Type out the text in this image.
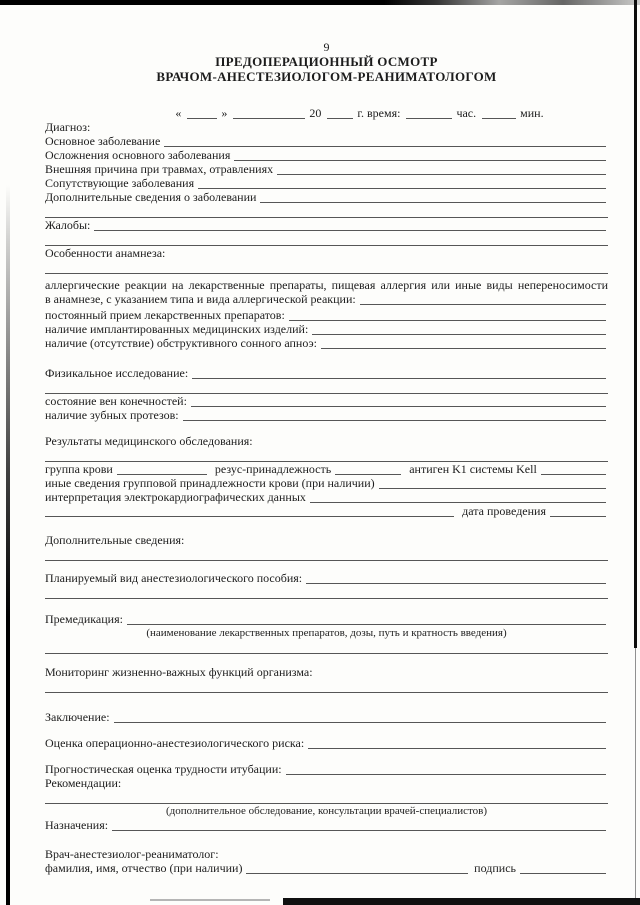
9
ПРЕДОПЕРАЦИОННЫЙ ОСМОТР
ВРАЧОМ-АНЕСТЕЗИОЛОГОМ-РЕАНИМАТОЛОГОМ
«	»	20	г. время:	час.	мин.
Диагноз:
Основное заболевание
Осложнения основного заболевания
Внешняя причина при травмах, отравлениях
Сопутствующие заболевания
Дополнительные сведения о заболевании
Жалобы:
Особенности анамнеза:
аллергические реакции на лекарственные препараты, пищевая аллергия или иные виды непереносимости
в анамнезе, с указанием типа и вида аллергической реакции:
постоянный прием лекарственных препаратов:
наличие имплантированных медицинских изделий:
наличие (отсутствие) обструктивного сонного апноэ:
Физикальное исследование:
состояние вен конечностей:
наличие зубных протезов:
Результаты медицинского обследования:
группа крови	резус-принадлежность	антиген K1 системы Kell
иные сведения групповой принадлежности крови (при наличии)
интерпретация электрокардиографических данных
дата проведения
Дополнительные сведения:
Планируемый вид анестезиологического пособия:
Премедикация:
(наименование лекарственных препаратов, дозы, путь и кратность введения)
Мониторинг жизненно-важных функций организма:
Заключение:
Оценка операционно-анестезиологического риска:
Прогностическая оценка трудности итубации:
Рекомендации:
(дополнительное обследование, консультации врачей-специалистов)
Назначения:
Врач-анестезиолог-реаниматолог:
фамилия, имя, отчество (при наличии)	подпись
